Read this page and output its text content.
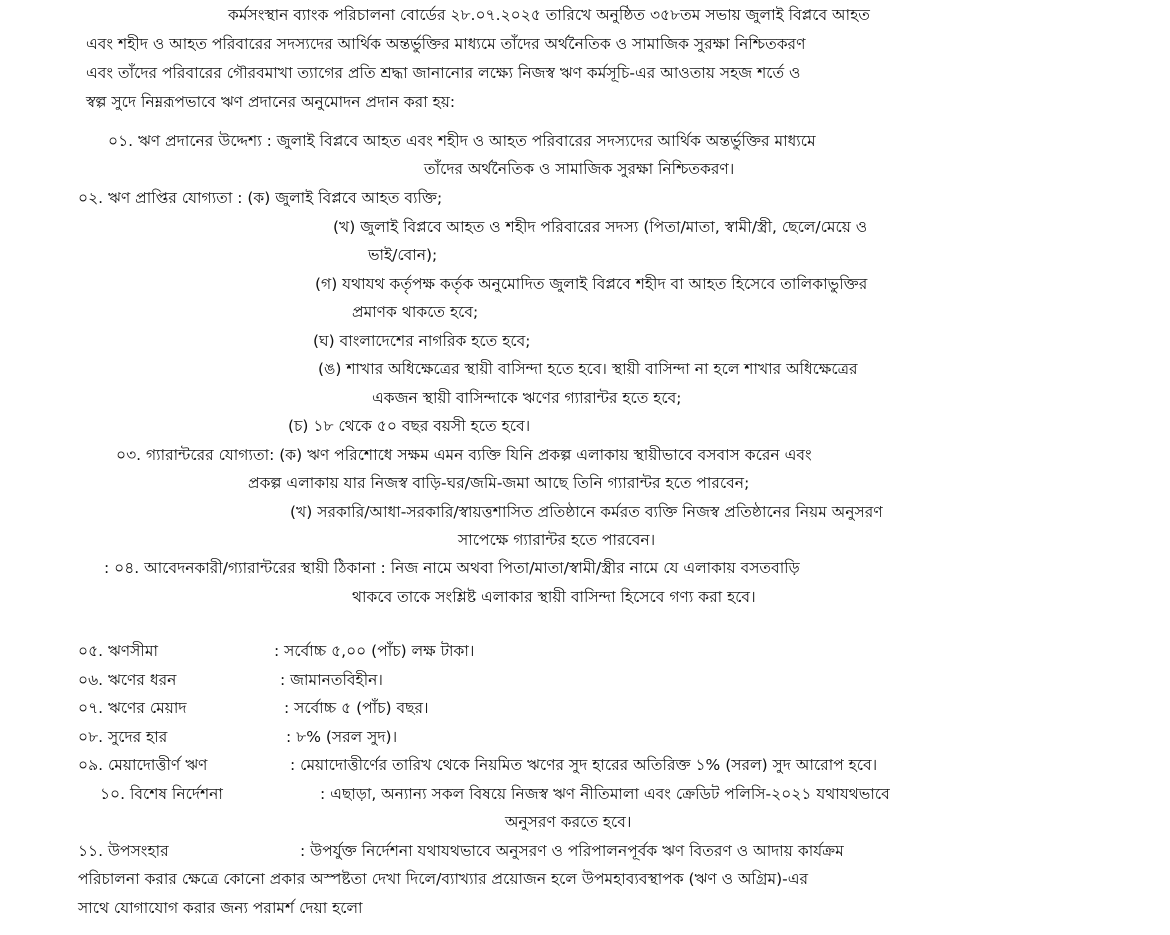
কর্মসংস্থান ব্যাংক পরিচালনা বোর্ডের ২৮.০৭.২০২৫ তারিখে অনুষ্ঠিত ৩৫৮তম সভায় জুলাই বিপ্লবে আহত
এবং শহীদ ও আহত পরিবারের সদস্যদের আর্থিক অন্তর্ভুক্তির মাধ্যমে তাঁদের অর্থনৈতিক ও সামাজিক সুরক্ষা নিশ্চিতকরণ
এবং তাঁদের পরিবারের গৌরবমাখা ত্যাগের প্রতি শ্রদ্ধা জানানোর লক্ষ্যে নিজস্ব ঋণ কর্মসূচি-এর আওতায় সহজ শর্তে ও
স্বল্প সুদে নিম্নরূপভাবে ঋণ প্রদানের অনুমোদন প্রদান করা হয়:
০১. ঋণ প্রদানের উদ্দেশ্য : জুলাই বিপ্লবে আহত এবং শহীদ ও আহত পরিবারের সদস্যদের আর্থিক অন্তর্ভুক্তির মাধ্যমে
তাঁদের অর্থনৈতিক ও সামাজিক সুরক্ষা নিশ্চিতকরণ।
০২. ঋণ প্রাপ্তির যোগ্যতা : (ক) জুলাই বিপ্লবে আহত ব্যক্তি;
(খ) জুলাই বিপ্লবে আহত ও শহীদ পরিবারের সদস্য (পিতা/মাতা, স্বামী/স্ত্রী, ছেলে/মেয়ে ও
ভাই/বোন);
(গ) যথাযথ কর্তৃপক্ষ কর্তৃক অনুমোদিত জুলাই বিপ্লবে শহীদ বা আহত হিসেবে তালিকাভুক্তির
প্রমাণক থাকতে হবে;
(ঘ) বাংলাদেশের নাগরিক হতে হবে;
(ঙ) শাখার অধিক্ষেত্রের স্থায়ী বাসিন্দা হতে হবে। স্থায়ী বাসিন্দা না হলে শাখার অধিক্ষেত্রের
একজন স্থায়ী বাসিন্দাকে ঋণের গ্যারান্টর হতে হবে;
(চ) ১৮ থেকে ৫০ বছর বয়সী হতে হবে।
০৩. গ্যারান্টরের যোগ্যতা: (ক) ঋণ পরিশোধে সক্ষম এমন ব্যক্তি যিনি প্রকল্প এলাকায় স্থায়ীভাবে বসবাস করেন এবং
প্রকল্প এলাকায় যার নিজস্ব বাড়ি-ঘর/জমি-জমা আছে তিনি গ্যারান্টর হতে পারবেন;
(খ) সরকারি/আধা-সরকারি/স্বায়ত্তশাসিত প্রতিষ্ঠানে কর্মরত ব্যক্তি নিজস্ব প্রতিষ্ঠানের নিয়ম অনুসরণ
সাপেক্ষে গ্যারান্টর হতে পারবেন।
: ০৪. আবেদনকারী/গ্যারান্টরের স্থায়ী ঠিকানা : নিজ নামে অথবা পিতা/মাতা/স্বামী/স্ত্রীর নামে যে এলাকায় বসতবাড়ি
থাকবে তাকে সংশ্লিষ্ট এলাকার স্থায়ী বাসিন্দা হিসেবে গণ্য করা হবে।
০৫. ঋণসীমা	: সর্বোচ্চ ৫,০০ (পাঁচ) লক্ষ টাকা।
০৬. ঋণের ধরন	: জামানতবিহীন।
০৭. ঋণের মেয়াদ	: সর্বোচ্চ ৫ (পাঁচ) বছর।
০৮. সুদের হার	: ৮% (সরল সুদ)।
০৯. মেয়াদোত্তীর্ণ ঋণ	: মেয়াদোত্তীর্ণের তারিখ থেকে নিয়মিত ঋণের সুদ হারের অতিরিক্ত ১% (সরল) সুদ আরোপ হবে।
১০. বিশেষ নির্দেশনা	: এছাড়া, অন্যান্য সকল বিষয়ে নিজস্ব ঋণ নীতিমালা এবং ক্রেডিট পলিসি-২০২১ যথাযথভাবে
অনুসরণ করতে হবে।
১১. উপসংহার	: উপর্যুক্ত নির্দেশনা যথাযথভাবে অনুসরণ ও পরিপালনপূর্বক ঋণ বিতরণ ও আদায় কার্যক্রম
পরিচালনা করার ক্ষেত্রে কোনো প্রকার অস্পষ্টতা দেখা দিলে/ব্যাখ্যার প্রয়োজন হলে উপমহাব্যবস্থাপক (ঋণ ও অগ্রিম)-এর
সাথে যোগাযোগ করার জন্য পরামর্শ দেয়া হলো
